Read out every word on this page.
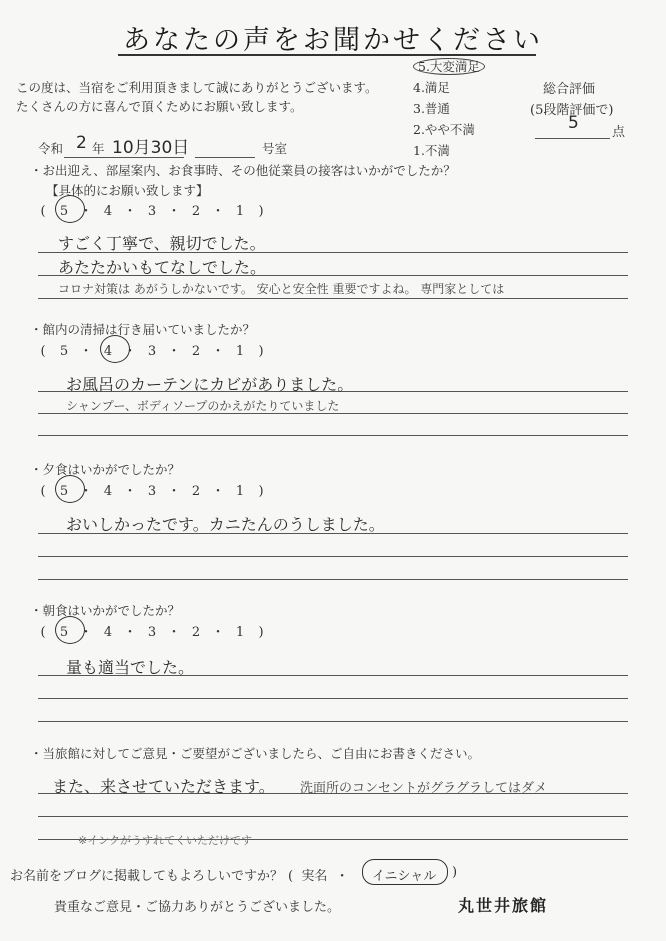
あなたの声をお聞かせください
この度は、当宿をご利用頂きまして誠にありがとうございます。
たくさんの方に喜んで頂くためにお願い致します。
5.大変満足
4.満足
3.普通
2.やや不満
1.不満
総合評価
(5段階評価で)
5	点
令和 2 年 10月30日	号室
・お出迎え、部屋案内、お食事時、その他従業員の接客はいかがでしたか？
【具体的にお願い致します】
( 5 ・ 4 ・ 3 ・ 2 ・ 1 )
すごく丁寧で、親切でした。
あたたかいもてなしでした。
コロナ対策は あがうしかないです。 安心と安全性 重要ですよね。 専門家としては
・館内の清掃は行き届いていましたか？
( 5 ・ 4 ・ 3 ・ 2 ・ 1 )
お風呂のカーテンにカビがありました。
シャンプー、ボディソープのかえがたりていました
・夕食はいかがでしたか？
( 5 ・ 4 ・ 3 ・ 2 ・ 1 )
おいしかったです。カニたんのうしました。
・朝食はいかがでしたか？
( 5 ・ 4 ・ 3 ・ 2 ・ 1 )
量も適当でした。
・当旅館に対してご意見・ご要望がございましたら、ご自由にお書きください。
また、来させていただきます。 洗面所のコンセントがグラグラしてはダメ
※インクがうすれてくいただけです
お名前をブログに掲載してもよろしいですか？ (  実名  ・ イニシャル )
貴重なご意見・ご協力ありがとうございました。	丸世井旅館
